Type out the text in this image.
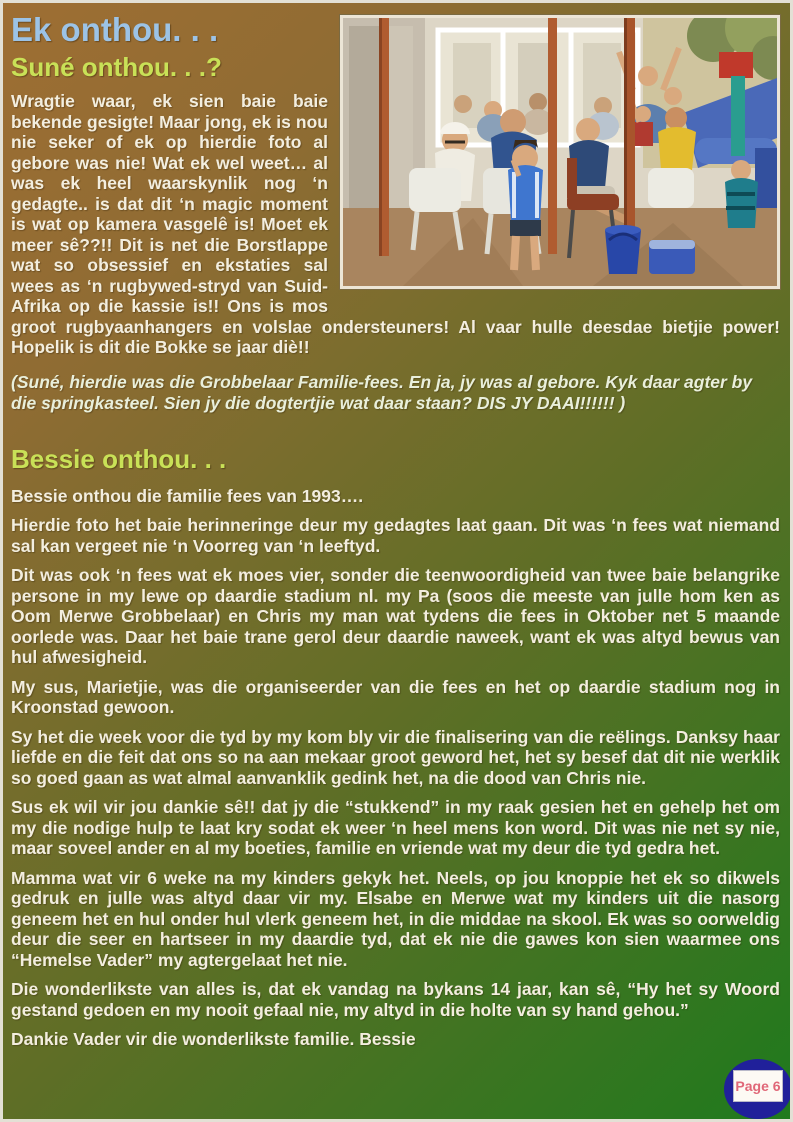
Ek onthou. . .
Suné onthou. . .?

Wragtie waar, ek sien baie baie bekende gesigte! Maar jong, ek is nou nie seker of ek op hierdie foto al gebore was nie! Wat ek wel weet… al was ek heel waarskynlik nog ‘n gedagte.. is dat dit ‘n magic moment is wat op kamera vasgelê is! Moet ek meer sê??!! Dit is net die Borstlappe wat so obsessief en ekstaties sal wees as ‘n rugbywed-stryd van Suid-Afrika op die kassie is!! Ons is mos groot rugbyaanhangers en volslae ondersteuners! Al vaar hulle deesdae bietjie power! Hopelik is dit die Bokke se jaar diè!!

(Suné, hierdie was die Grobbelaar Familie-fees. En ja, jy was al gebore. Kyk daar agter by die springkasteel. Sien jy die dogtertjie wat daar staan? DIS JY DAAI!!!!!! )

Bessie onthou. . .

Bessie onthou die familie fees van 1993….

Hierdie foto het baie herinneringe deur my gedagtes laat gaan. Dit was ‘n fees wat niemand sal kan vergeet nie ‘n Voorreg van ‘n leeftyd.

Dit was ook ‘n fees wat ek moes vier, sonder die teenwoordigheid van twee baie belangrike persone in my lewe op daardie stadium nl. my Pa (soos die meeste van julle hom ken as Oom Merwe Grobbelaar) en Chris my man wat tydens die fees in Oktober net 5 maande oorlede was. Daar het baie trane gerol deur daardie naweek, want ek was altyd bewus van hul afwesigheid.

My sus, Marietjie, was die organiseerder van die fees en het op daardie stadium nog in Kroonstad gewoon.

Sy het die week voor die tyd by my kom bly vir die finalisering van die reëlings. Danksy haar liefde en die feit dat ons so na aan mekaar groot geword het, het sy besef dat dit nie werklik so goed gaan as wat almal aanvanklik gedink het, na die dood van Chris nie.

Sus ek wil vir jou dankie sê!! dat jy die “stukkend” in my raak gesien het en gehelp het om my die nodige hulp te laat kry sodat ek weer ‘n heel mens kon word. Dit was nie net sy nie, maar soveel ander en al my boeties, familie en vriende wat my deur die tyd gedra het.

Mamma wat vir 6 weke na my kinders gekyk het. Neels, op jou knoppie het ek so dikwels gedruk en julle was altyd daar vir my. Elsabe en Merwe wat my kinders uit die nasorg geneem het en hul onder hul vlerk geneem het, in die middae na skool. Ek was so oorweldig deur die seer en hartseer in my daardie tyd, dat ek nie die gawes kon sien waarmee ons “Hemelse Vader” my agtergelaat het nie.

Die wonderlikste van alles is, dat ek vandag na bykans 14 jaar, kan sê, “Hy het sy Woord gestand gedoen en my nooit gefaal nie, my altyd in die holte van sy hand gehou.”

Dankie Vader vir die wonderlikste familie. Bessie

Page 6
